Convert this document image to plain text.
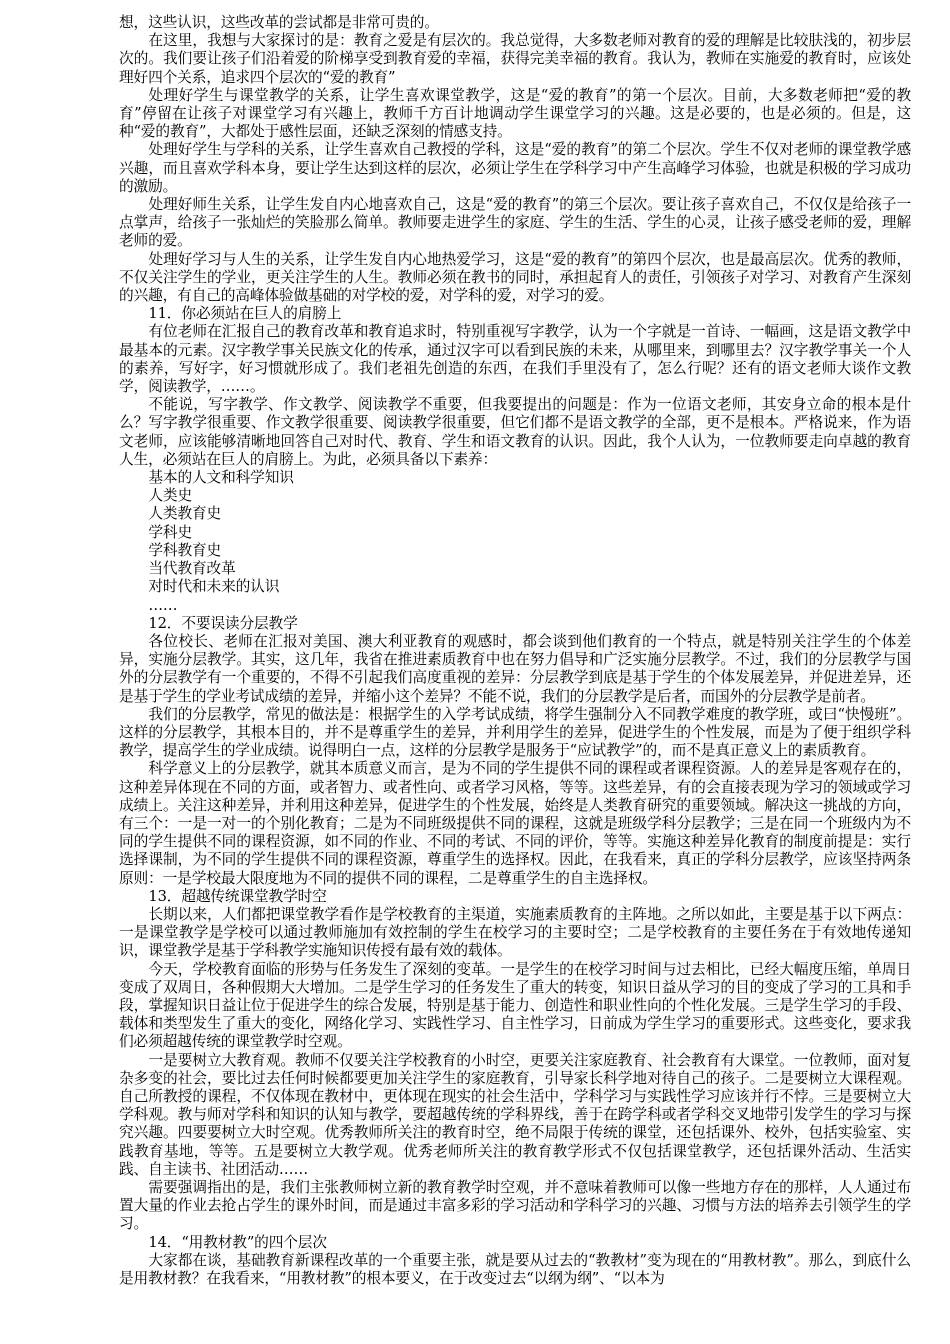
想，这些认识，这些改革的尝试都是非常可贵的。

在这里，我想与大家探讨的是：教育之爱是有层次的。我总觉得，大多数老师对教育的爱的理解是比较肤浅的，初步层次的。我们要让孩子们沿着爱的阶梯享受到教育爱的幸福，获得完美幸福的教育。我认为，教师在实施爱的教育时，应该处理好四个关系，追求四个层次的“爱的教育”

处理好学生与课堂教学的关系，让学生喜欢课堂教学，这是“爱的教育”的第一个层次。目前，大多数老师把“爱的教育”停留在让孩子对课堂学习有兴趣上，教师千方百计地调动学生课堂学习的兴趣。这是必要的，也是必须的。但是，这种“爱的教育”，大都处于感性层面，还缺乏深刻的情感支持。

处理好学生与学科的关系，让学生喜欢自己教授的学科，这是“爱的教育”的第二个层次。学生不仅对老师的课堂教学感兴趣，而且喜欢学科本身，要让学生达到这样的层次，必须让学生在学科学习中产生高峰学习体验，也就是积极的学习成功的激励。

处理好师生关系，让学生发自内心地喜欢自己，这是“爱的教育”的第三个层次。要让孩子喜欢自己，不仅仅是给孩子一点掌声，给孩子一张灿烂的笑脸那么简单。教师要走进学生的家庭、学生的生活、学生的心灵，让孩子感受老师的爱，理解老师的爱。

处理好学习与人生的关系，让学生发自内心地热爱学习，这是“爱的教育”的第四个层次，也是最高层次。优秀的教师，不仅关注学生的学业，更关注学生的人生。教师必须在教书的同时，承担起育人的责任，引领孩子对学习、对教育产生深刻的兴趣，有自己的高峰体验做基础的对学校的爱，对学科的爱，对学习的爱。

11．你必须站在巨人的肩膀上

有位老师在汇报自己的教育改革和教育追求时，特别重视写字教学，认为一个字就是一首诗、一幅画，这是语文教学中最基本的元素。汉字教学事关民族文化的传承，通过汉字可以看到民族的未来，从哪里来，到哪里去？汉字教学事关一个人的素养，写好字，好习惯就形成了。我们老祖先创造的东西，在我们手里没有了，怎么行呢？还有的语文老师大谈作文教学，阅读教学，……。

不能说，写字教学、作文教学、阅读教学不重要，但我要提出的问题是：作为一位语文老师，其安身立命的根本是什么？写字教学很重要、作文教学很重要、阅读教学很重要，但它们都不是语文教学的全部，更不是根本。严格说来，作为语文老师，应该能够清晰地回答自己对时代、教育、学生和语文教育的认识。因此，我个人认为，一位教师要走向卓越的教育人生，必须站在巨人的肩膀上。为此，必须具备以下素养：

基本的人文和科学知识

人类史

人类教育史

学科史

学科教育史

当代教育改革

对时代和未来的认识

……

12．不要误读分层教学

各位校长、老师在汇报对美国、澳大利亚教育的观感时，都会谈到他们教育的一个特点，就是特别关注学生的个体差异，实施分层教学。其实，这几年，我省在推进素质教育中也在努力倡导和广泛实施分层教学。不过，我们的分层教学与国外的分层教学有一个重要的，不得不引起我们高度重视的差异：分层教学到底是基于学生的个体发展差异，并促进差异，还是基于学生的学业考试成绩的差异，并缩小这个差异？不能不说，我们的分层教学是后者，而国外的分层教学是前者。

我们的分层教学，常见的做法是：根据学生的入学考试成绩，将学生强制分入不同教学难度的教学班，或曰“快慢班”。这样的分层教学，其根本目的，并不是尊重学生的差异，并利用学生的差异，促进学生的个性发展，而是为了便于组织学科教学，提高学生的学业成绩。说得明白一点，这样的分层教学是服务于“应试教学”的，而不是真正意义上的素质教育。

科学意义上的分层教学，就其本质意义而言，是为不同的学生提供不同的课程或者课程资源。人的差异是客观存在的，这种差异体现在不同的方面，或者智力、或者性向、或者学习风格，等等。这些差异，有的会直接表现为学习的领域或学习成绩上。关注这种差异，并利用这种差异，促进学生的个性发展，始终是人类教育研究的重要领域。解决这一挑战的方向，有三个：一是一对一的个别化教育；二是为不同班级提供不同的课程，这就是班级学科分层教学；三是在同一个班级内为不同的学生提供不同的课程资源，如不同的作业、不同的考试、不同的评价，等等。实施这种差异化教育的制度前提是：实行选择课制，为不同的学生提供不同的课程资源，尊重学生的选择权。因此，在我看来，真正的学科分层教学，应该坚持两条原则：一是学校最大限度地为不同的提供不同的课程，二是尊重学生的自主选择权。

13．超越传统课堂教学时空

长期以来，人们都把课堂教学看作是学校教育的主渠道，实施素质教育的主阵地。之所以如此，主要是基于以下两点：一是课堂教学是学校可以通过教师施加有效控制的学生在校学习的主要时空；二是学校教育的主要任务在于有效地传递知识，课堂教学是基于学科教学实施知识传授有最有效的载体。

今天，学校教育面临的形势与任务发生了深刻的变革。一是学生的在校学习时间与过去相比，已经大幅度压缩，单周日变成了双周日，各种假期大大增加。二是学生学习的任务发生了重大的转变，知识日益从学习的目的变成了学习的工具和手段，掌握知识日益让位于促进学生的综合发展，特别是基于能力、创造性和职业性向的个性化发展。三是学生学习的手段、载体和类型发生了重大的变化，网络化学习、实践性学习、自主性学习，日前成为学生学习的重要形式。这些变化，要求我们必须超越传统的课堂教学时空观。

一是要树立大教育观。教师不仅要关注学校教育的小时空，更要关注家庭教育、社会教育有大课堂。一位教师，面对复杂多变的社会，要比过去任何时候都要更加关注学生的家庭教育，引导家长科学地对待自己的孩子。二是要树立大课程观。自己所教授的课程，不仅体现在教材中，更体现在现实的社会生活中，学科学习与实践性学习应该并行不悖。三是要树立大学科观。教与师对学科和知识的认知与教学，要超越传统的学科界线，善于在跨学科或者学科交叉地带引发学生的学习与探究兴趣。四要要树立大时空观。优秀教师所关注的教育时空，绝不局限于传统的课堂，还包括课外、校外，包括实验室、实践教育基地，等等。五是要树立大教学观。优秀老师所关注的教育教学形式不仅包括课堂教学，还包括课外活动、生活实践、自主读书、社团活动……

需要强调指出的是，我们主张教师树立新的教育教学时空观，并不意味着教师可以像一些地方存在的那样，人人通过布置大量的作业去抢占学生的课外时间，而是通过丰富多彩的学习活动和学科学习的兴趣、习惯与方法的培养去引领学生的学习。

14．“用教材教”的四个层次

大家都在谈，基础教育新课程改革的一个重要主张，就是要从过去的“教教材”变为现在的“用教材教”。那么，到底什么是用教材教？在我看来，“用教材教”的根本要义，在于改变过去“以纲为纲”、“以本为
